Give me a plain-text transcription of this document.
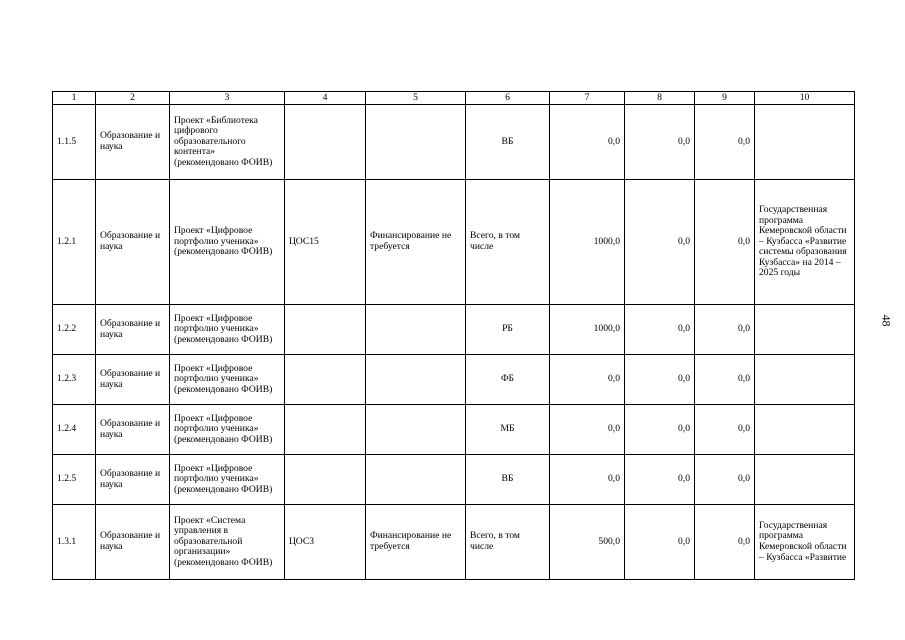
1	2	3	4	5	6	7	8	9	10
1.1.5	Образование и наука	Проект «Библиотека цифрового образовательного контента» (рекомендовано ФОИВ)			ВБ	0,0	0,0	0,0	
1.2.1	Образование и наука	Проект «Цифровое портфолио ученика» (рекомендовано ФОИВ)	ЦОС15	Финансирование не требуется	Всего, в том числе	1000,0	0,0	0,0	Государственная программа Кемеровской области – Кузбасса «Развитие системы образования Кузбасса» на 2014 – 2025 годы
1.2.2	Образование и наука	Проект «Цифровое портфолио ученика» (рекомендовано ФОИВ)			РБ	1000,0	0,0	0,0	
1.2.3	Образование и наука	Проект «Цифровое портфолио ученика» (рекомендовано ФОИВ)			ФБ	0,0	0,0	0,0	
1.2.4	Образование и наука	Проект «Цифровое портфолио ученика» (рекомендовано ФОИВ)			МБ	0,0	0,0	0,0	
1.2.5	Образование и наука	Проект «Цифровое портфолио ученика» (рекомендовано ФОИВ)			ВБ	0,0	0,0	0,0	
1.3.1	Образование и наука	Проект «Система управления в образовательной организации» (рекомендовано ФОИВ)	ЦОС3	Финансирование не требуется	Всего, в том числе	500,0	0,0	0,0	Государственная программа Кемеровской области – Кузбасса «Развитие
48
